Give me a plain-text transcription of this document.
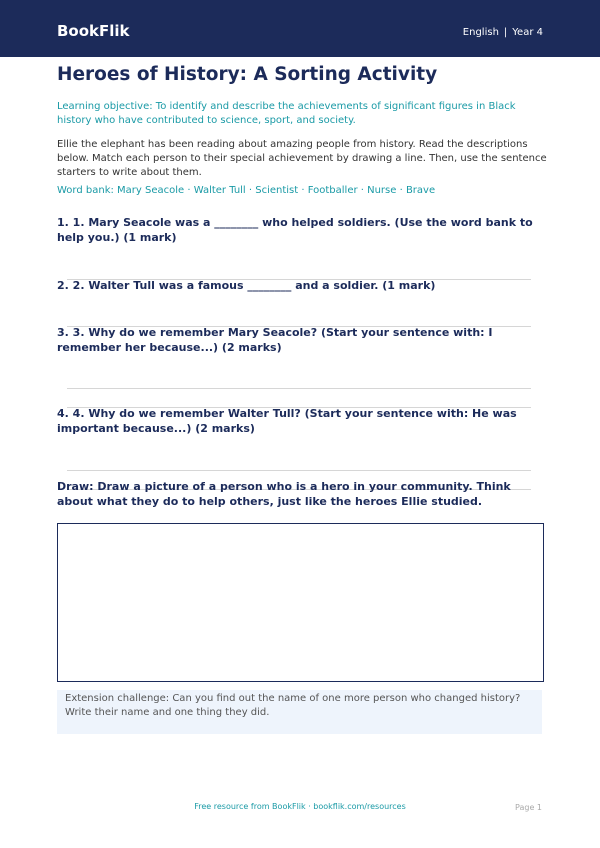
BookFlik	English | Year 4
Heroes of History: A Sorting Activity
Learning objective: To identify and describe the achievements of significant figures in Black history who have contributed to science, sport, and society.
Ellie the elephant has been reading about amazing people from history. Read the descriptions below. Match each person to their special achievement by drawing a line. Then, use the sentence starters to write about them.
Word bank: Mary Seacole · Walter Tull · Scientist · Footballer · Nurse · Brave
1. 1. Mary Seacole was a ________ who helped soldiers. (Use the word bank to help you.) (1 mark)
2. 2. Walter Tull was a famous ________ and a soldier. (1 mark)
3. 3. Why do we remember Mary Seacole? (Start your sentence with: I remember her because...) (2 marks)
4. 4. Why do we remember Walter Tull? (Start your sentence with: He was important because...) (2 marks)
Draw: Draw a picture of a person who is a hero in your community. Think about what they do to help others, just like the heroes Ellie studied.
Extension challenge: Can you find out the name of one more person who changed history? Write their name and one thing they did.
Free resource from BookFlik · bookflik.com/resources	Page 1
